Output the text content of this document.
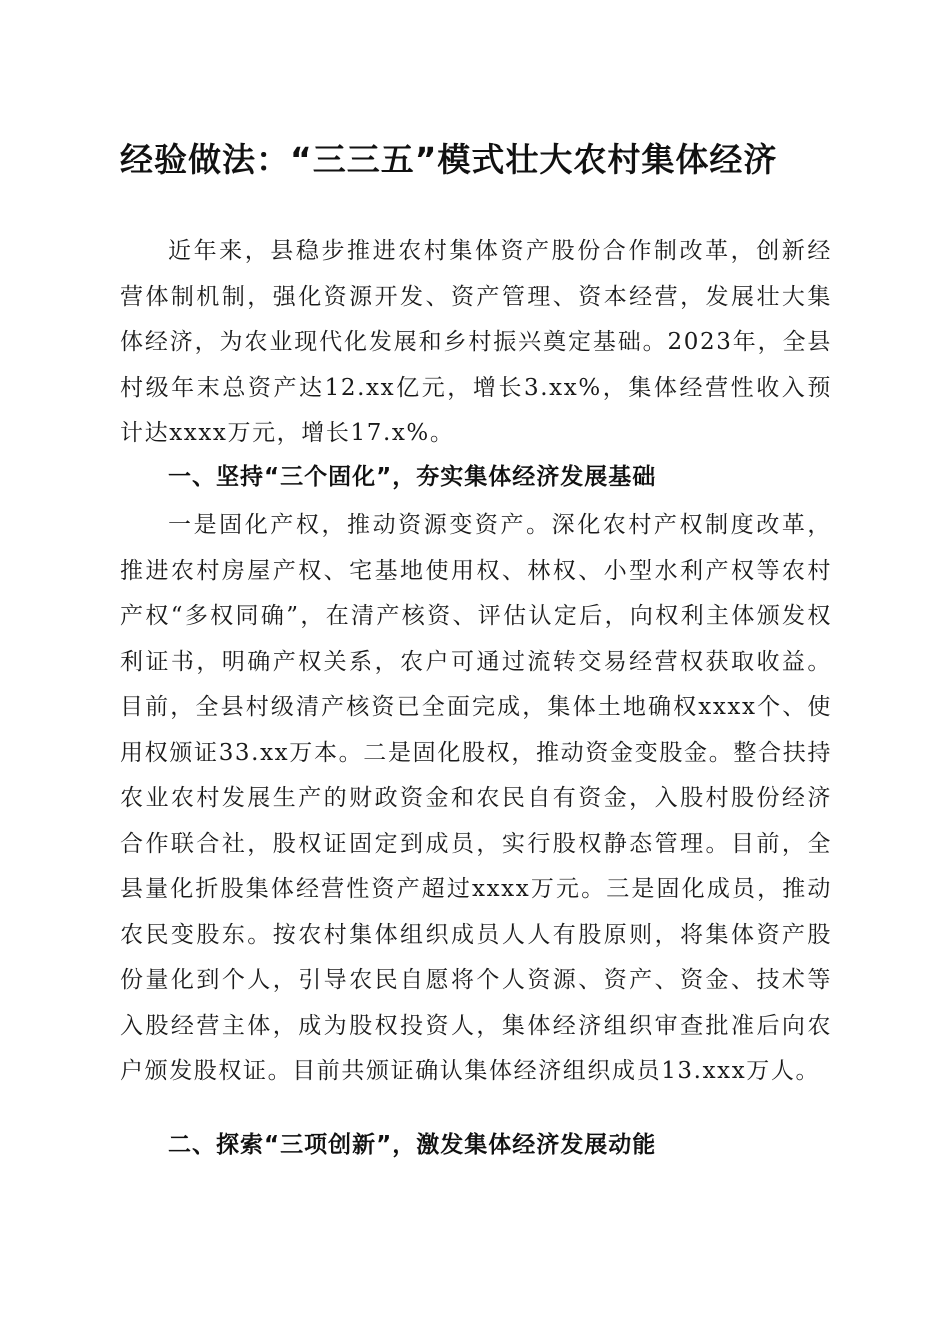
经验做法：“三三五”模式壮大农村集体经济

近年来，县稳步推进农村集体资产股份合作制改革，创新经营体制机制，强化资源开发、资产管理、资本经营，发展壮大集体经济，为农业现代化发展和乡村振兴奠定基础。2023年，全县村级年末总资产达12.xx亿元，增长3.xx%，集体经营性收入预计达xxxx万元，增长17.x%。

一、坚持“三个固化”，夯实集体经济发展基础

一是固化产权，推动资源变资产。深化农村产权制度改革，推进农村房屋产权、宅基地使用权、林权、小型水利产权等农村产权“多权同确”，在清产核资、评估认定后，向权利主体颁发权利证书，明确产权关系，农户可通过流转交易经营权获取收益。目前，全县村级清产核资已全面完成，集体土地确权xxxx个、使用权颁证33.xx万本。二是固化股权，推动资金变股金。整合扶持农业农村发展生产的财政资金和农民自有资金，入股村股份经济合作联合社，股权证固定到成员，实行股权静态管理。目前，全县量化折股集体经营性资产超过xxxx万元。三是固化成员，推动农民变股东。按农村集体组织成员人人有股原则，将集体资产股份量化到个人，引导农民自愿将个人资源、资产、资金、技术等入股经营主体，成为股权投资人，集体经济组织审查批准后向农户颁发股权证。目前共颁证确认集体经济组织成员13.xxx万人。

二、探索“三项创新”，激发集体经济发展动能
